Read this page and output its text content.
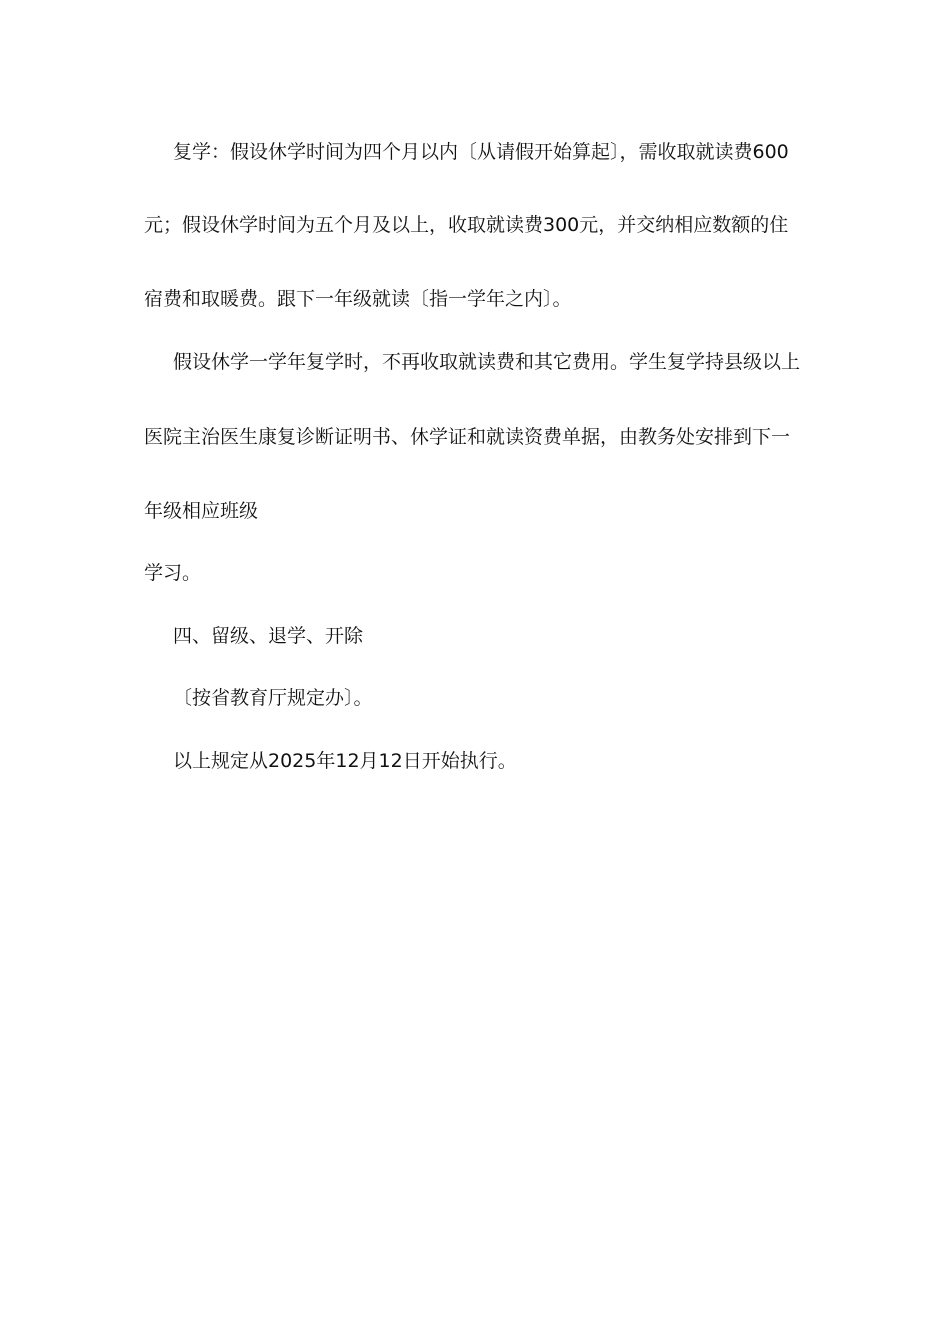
复学：假设休学时间为四个月以内〔从请假开始算起〕，需收取就读费600
元；假设休学时间为五个月及以上，收取就读费300元，并交纳相应数额的住
宿费和取暖费。跟下一年级就读〔指一学年之内〕。
假设休学一学年复学时，不再收取就读费和其它费用。学生复学持县级以上
医院主治医生康复诊断证明书、休学证和就读资费单据，由教务处安排到下一
年级相应班级
学习。
四、留级、退学、开除
〔按省教育厅规定办〕。
以上规定从2025年12月12日开始执行。
